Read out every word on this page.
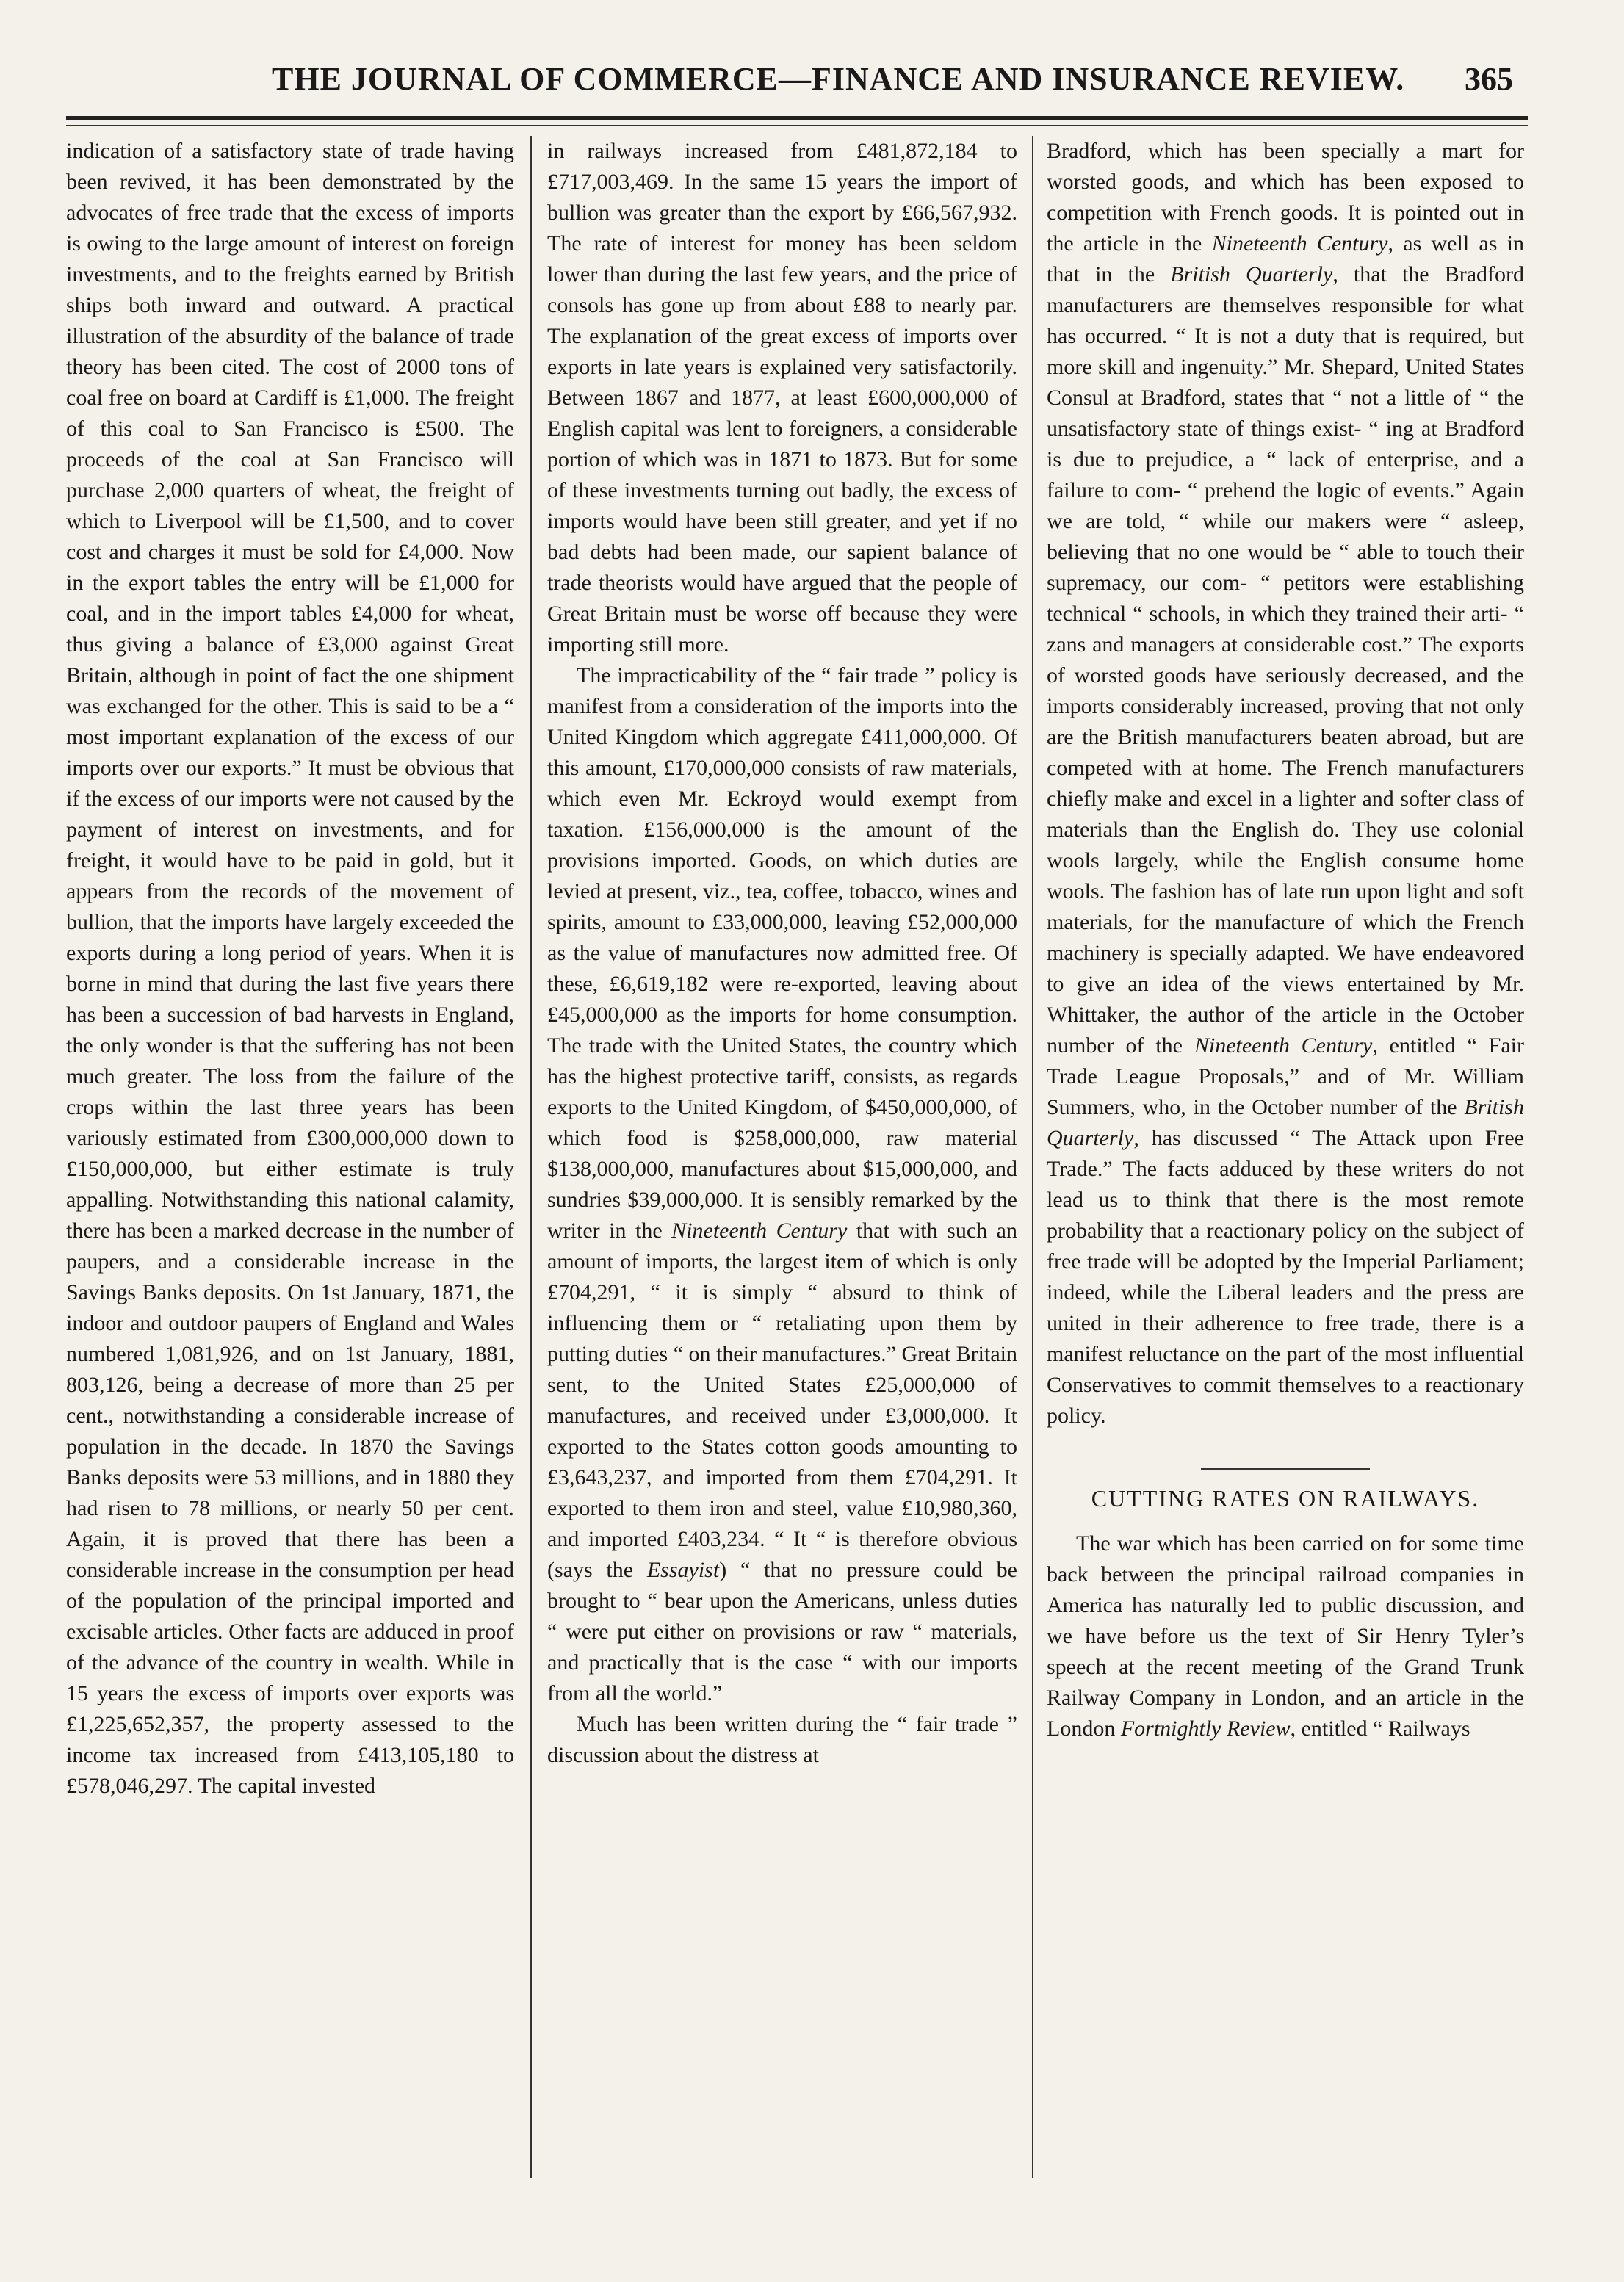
THE JOURNAL OF COMMERCE—FINANCE AND INSURANCE REVIEW. 365

indication of a satisfactory state of trade having been revived, it has been demonstrated by the advocates of free trade that the excess of imports is owing to the large amount of interest on foreign investments, and to the freights earned by British ships both inward and outward. A practical illustration of the absurdity of the balance of trade theory has been cited. The cost of 2000 tons of coal free on board at Cardiff is £1,000. The freight of this coal to San Francisco is £500. The proceeds of the coal at San Francisco will purchase 2,000 quarters of wheat, the freight of which to Liverpool will be £1,500, and to cover cost and charges it must be sold for £4,000. Now in the export tables the entry will be £1,000 for coal, and in the import tables £4,000 for wheat, thus giving a balance of £3,000 against Great Britain, although in point of fact the one shipment was exchanged for the other. This is said to be a “ most important explanation of the excess of our imports over our exports.” It must be obvious that if the excess of our imports were not caused by the payment of interest on investments, and for freight, it would have to be paid in gold, but it appears from the records of the movement of bullion, that the imports have largely exceeded the exports during a long period of years. When it is borne in mind that during the last five years there has been a succession of bad harvests in England, the only wonder is that the suffering has not been much greater. The loss from the failure of the crops within the last three years has been variously estimated from £300,000,000 down to £150,000,000, but either estimate is truly appalling. Notwithstanding this national calamity, there has been a marked decrease in the number of paupers, and a considerable increase in the Savings Banks deposits. On 1st January, 1871, the indoor and outdoor paupers of England and Wales numbered 1,081,926, and on 1st January, 1881, 803,126, being a decrease of more than 25 per cent., notwithstanding a considerable increase of population in the decade. In 1870 the Savings Banks deposits were 53 millions, and in 1880 they had risen to 78 millions, or nearly 50 per cent. Again, it is proved that there has been a considerable increase in the consumption per head of the population of the principal imported and excisable articles. Other facts are adduced in proof of the advance of the country in wealth. While in 15 years the excess of imports over exports was £1,225,652,357, the property assessed to the income tax increased from £413,105,180 to £578,046,297. The capital invested

in railways increased from £481,872,184 to £717,003,469. In the same 15 years the import of bullion was greater than the export by £66,567,932. The rate of interest for money has been seldom lower than during the last few years, and the price of consols has gone up from about £88 to nearly par. The explanation of the great excess of imports over exports in late years is explained very satisfactorily. Between 1867 and 1877, at least £600,000,000 of English capital was lent to foreigners, a considerable portion of which was in 1871 to 1873. But for some of these investments turning out badly, the excess of imports would have been still greater, and yet if no bad debts had been made, our sapient balance of trade theorists would have argued that the people of Great Britain must be worse off because they were importing still more.

The impracticability of the “ fair trade ” policy is manifest from a consideration of the imports into the United Kingdom which aggregate £411,000,000. Of this amount, £170,000,000 consists of raw materials, which even Mr. Eckroyd would exempt from taxation. £156,000,000 is the amount of the provisions imported. Goods, on which duties are levied at present, viz., tea, coffee, tobacco, wines and spirits, amount to £33,000,000, leaving £52,000,000 as the value of manufactures now admitted free. Of these, £6,619,182 were re-exported, leaving about £45,000,000 as the imports for home consumption. The trade with the United States, the country which has the highest protective tariff, consists, as regards exports to the United Kingdom, of $450,000,000, of which food is $258,000,000, raw material $138,000,000, manufactures about $15,000,000, and sundries $39,000,000. It is sensibly remarked by the writer in the Nineteenth Century that with such an amount of imports, the largest item of which is only £704,291, “ it is simply “ absurd to think of influencing them or “ retaliating upon them by putting duties “ on their manufactures.” Great Britain sent, to the United States £25,000,000 of manufactures, and received under £3,000,000. It exported to the States cotton goods amounting to £3,643,237, and imported from them £704,291. It exported to them iron and steel, value £10,980,360, and imported £403,234. “ It “ is therefore obvious (says the Essayist) “ that no pressure could be brought to “ bear upon the Americans, unless duties “ were put either on provisions or raw “ materials, and practically that is the case “ with our imports from all the world.”

Much has been written during the “ fair trade ” discussion about the distress at

Bradford, which has been specially a mart for worsted goods, and which has been exposed to competition with French goods. It is pointed out in the article in the Nineteenth Century, as well as in that in the British Quarterly, that the Bradford manufacturers are themselves responsible for what has occurred. “ It is not a duty that is required, but more skill and ingenuity.” Mr. Shepard, United States Consul at Bradford, states that “ not a little of “ the unsatisfactory state of things exist- “ ing at Bradford is due to prejudice, a “ lack of enterprise, and a failure to com- “ prehend the logic of events.” Again we are told, “ while our makers were “ asleep, believing that no one would be “ able to touch their supremacy, our com- “ petitors were establishing technical “ schools, in which they trained their arti- “ zans and managers at considerable cost.” The exports of worsted goods have seriously decreased, and the imports considerably increased, proving that not only are the British manufacturers beaten abroad, but are competed with at home. The French manufacturers chiefly make and excel in a lighter and softer class of materials than the English do. They use colonial wools largely, while the English consume home wools. The fashion has of late run upon light and soft materials, for the manufacture of which the French machinery is specially adapted. We have endeavored to give an idea of the views entertained by Mr. Whittaker, the author of the article in the October number of the Nineteenth Century, entitled “ Fair Trade League Proposals,” and of Mr. William Summers, who, in the October number of the British Quarterly, has discussed “ The Attack upon Free Trade.” The facts adduced by these writers do not lead us to think that there is the most remote probability that a reactionary policy on the subject of free trade will be adopted by the Imperial Parliament; indeed, while the Liberal leaders and the press are united in their adherence to free trade, there is a manifest reluctance on the part of the most influential Conservatives to commit themselves to a reactionary policy.

CUTTING RATES ON RAILWAYS.

The war which has been carried on for some time back between the principal railroad companies in America has naturally led to public discussion, and we have before us the text of Sir Henry Tyler’s speech at the recent meeting of the Grand Trunk Railway Company in London, and an article in the London Fortnightly Review, entitled “ Railways
